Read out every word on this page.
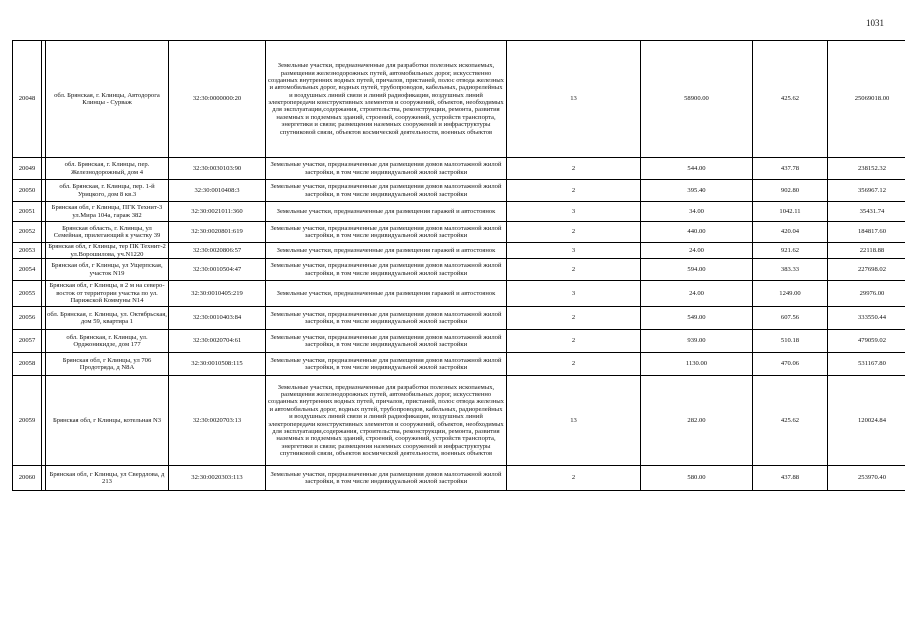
1031
20048		обл. Брянская, г. Клинцы, Автодорога Клинцы - Сурваж	32:30:0000000:20	Земельные участки, предназначенные для разработки полезных ископаемых, размещения железнодорожных путей, автомобильных дорог, искусственно созданных внутренних водных путей, причалов, пристаней, полос отвода железных и автомобильных дорог, водных путей, трубопроводов, кабельных, радиорелейных и воздушных линий связи и линий радиофикации, воздушных линий электропередачи конструктивных элементов и сооружений, объектов, необходимых для эксплуатации,содержания, строительства, реконструкции, ремонта, развития наземных и подземных зданий, строений, сооружений, устройств транспорта, энергетики и связи; размещения наземных сооружений и инфраструктуры спутниковой связи, объектов космической деятельности, военных объектов	13	58900.00	425.62	25069018.00
20049		обл. Брянская, г. Клинцы, пер. Железнодорожный, дом 4	32:30:0030103:90	Земельные участки, предназначенные для размещения домов малоэтажной жилой застройки, в том числе индивидуальной жилой застройки	2	544.00	437.78	238152.32
20050		обл. Брянская, г. Клинцы, пер. 1-й Урицкого, дом 8 кв.3	32:30:0010408:3	Земельные участки, предназначенные для размещения домов малоэтажной жилой застройки, в том числе индивидуальной жилой застройки	2	395.40	902.80	356967.12
20051		Брянская обл, г Клинцы, ПГК Технит-3 ул.Мира 104а, гараж 382	32:30:0021011:360	Земельные участки, предназначенные для размещения гаражей и автостоянок	3	34.00	1042.11	35431.74
20052		Брянская область, г. Клинцы, ул Семейная, прилегающий к участку 39	32:30:0020801:619	Земельные участки, предназначенные для размещения домов малоэтажной жилой застройки, в том числе индивидуальной жилой застройки	2	440.00	420.04	184817.60
20053		Брянская обл, г Клинцы, тер ПК Технит-2 ул.Ворошилова, уч.N1220	32:30:0020806:57	Земельные участки, предназначенные для размещения гаражей и автостоянок	3	24.00	921.62	22118.88
20054		Брянская обл, г Клинцы, ул Ущерпская, участок N19	32:30:0010504:47	Земельные участки, предназначенные для размещения домов малоэтажной жилой застройки, в том числе индивидуальной жилой застройки	2	594.00	383.33	227698.02
20055		Брянская обл, г Клинцы, в 2 м на северо-восток от территории участка по ул. Парижской Коммуны N14	32:30:0010405:219	Земельные участки, предназначенные для размещения гаражей и автостоянок	3	24.00	1249.00	29976.00
20056		обл. Брянская, г. Клинцы, ул. Октябрьская, дом 59, квартира 1	32:30:0010403:84	Земельные участки, предназначенные для размещения домов малоэтажной жилой застройки, в том числе индивидуальной жилой застройки	2	549.00	607.56	333550.44
20057		обл. Брянская, г. Клинцы, ул. Орджоникидзе, дом 177	32:30:0020704:61	Земельные участки, предназначенные для размещения домов малоэтажной жилой застройки, в том числе индивидуальной жилой застройки	2	939.00	510.18	479059.02
20058		Брянская обл, г Клинцы, ул 706 Продотряда, д N8А	32:30:0010508:115	Земельные участки, предназначенные для размещения домов малоэтажной жилой застройки, в том числе индивидуальной жилой застройки	2	1130.00	470.06	531167.80
20059		Брянская обл, г Клинцы, котельная N3	32:30:0020703:13	Земельные участки, предназначенные для разработки полезных ископаемых, размещения железнодорожных путей, автомобильных дорог, искусственно созданных внутренних водных путей, причалов, пристаней, полос отвода железных и автомобильных дорог, водных путей, трубопроводов, кабельных, радиорелейных и воздушных линий связи и линий радиофикации, воздушных линий электропередачи конструктивных элементов и сооружений, объектов, необходимых для эксплуатации,содержания, строительства, реконструкции, ремонта, развития наземных и подземных зданий, строений, сооружений, устройств транспорта, энергетики и связи; размещения наземных сооружений и инфраструктуры спутниковой связи, объектов космической деятельности, военных объектов	13	282.00	425.62	120024.84
20060		Брянская обл, г Клинцы, ул Свердлова, д 213	32:30:0020303:113	Земельные участки, предназначенные для размещения домов малоэтажной жилой застройки, в том числе индивидуальной жилой застройки	2	580.00	437.88	253970.40
